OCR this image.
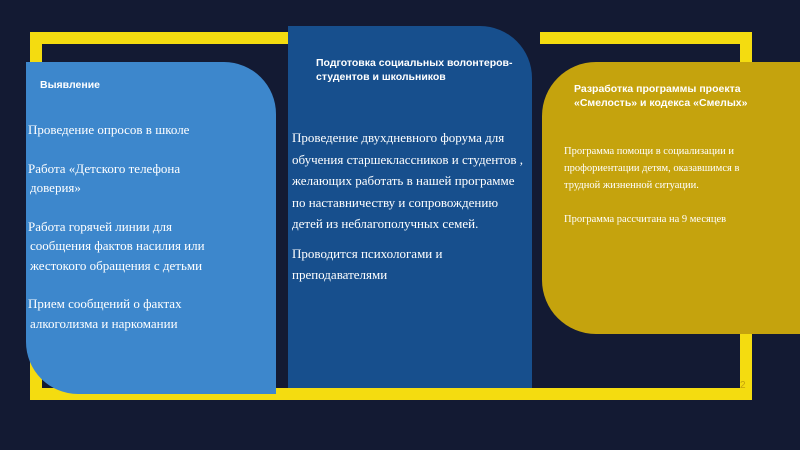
Выявление
Проведение опросов в школе
Работа «Детского телефона
доверия»
Работа горячей линии для
сообщения фактов насилия или
жестокого обращения с детьми
Прием сообщений о фактах
алкоголизма и наркомании
Подготовка социальных волонтеров-студентов и школьников
Проведение двухдневного форума для обучения старшеклассников и студентов , желающих работать в нашей программе по наставничеству и сопровождению детей из неблагополучных семей.
Проводится психологами и преподавателями
Разработка программы проекта «Смелость» и кодекса «Смелых»

Программа помощи в социализации и профориентации детям, оказавшимся в трудной жизненной ситуации.

Программа рассчитана на 9 месяцев

2
